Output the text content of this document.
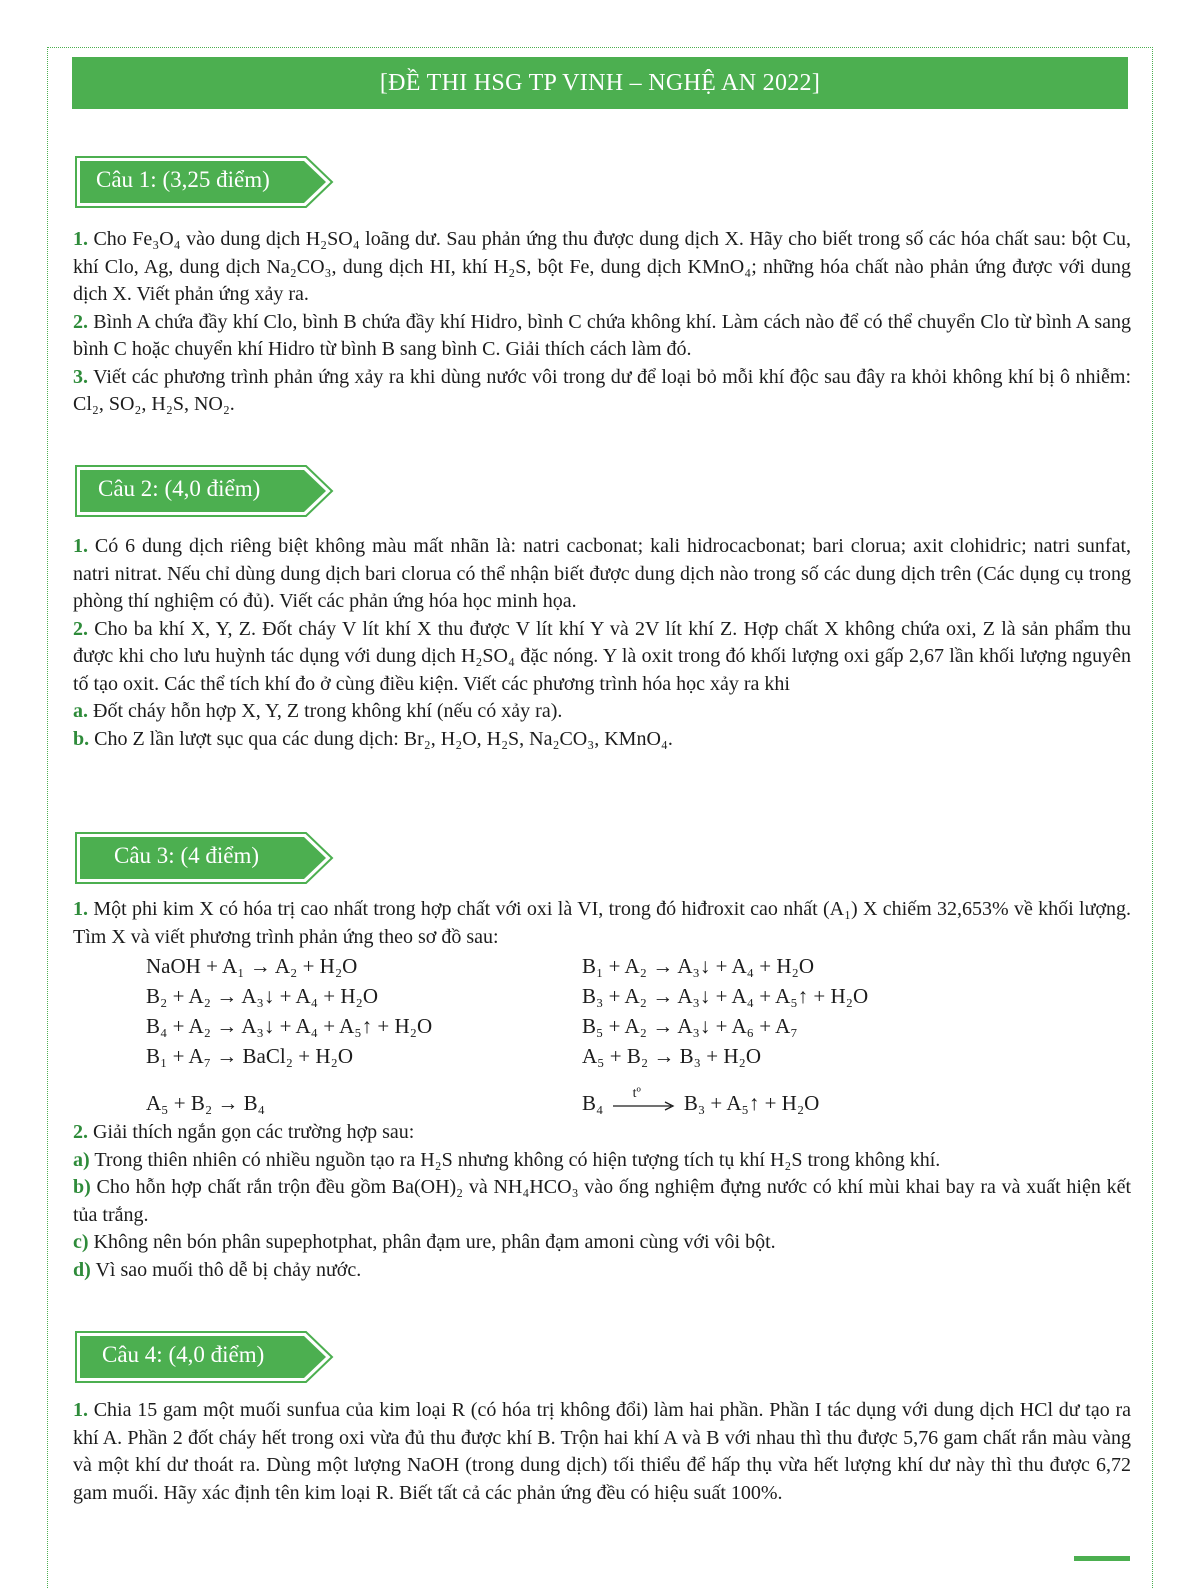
[ĐỀ THI HSG TP VINH – NGHỆ AN 2022]
Câu 1: (3,25 điểm)

1. Cho Fe₃O₄ vào dung dịch H₂SO₄ loãng dư. Sau phản ứng thu được dung dịch X. Hãy cho biết trong số các hóa chất sau: bột Cu, khí Clo, Ag, dung dịch Na₂CO₃, dung dịch HI, khí H₂S, bột Fe, dung dịch KMnO₄; những hóa chất nào phản ứng được với dung dịch X. Viết phản ứng xảy ra.

2. Bình A chứa đầy khí Clo, bình B chứa đầy khí Hidro, bình C chứa không khí. Làm cách nào để có thể chuyển Clo từ bình A sang bình C hoặc chuyển khí Hidro từ bình B sang bình C. Giải thích cách làm đó.

3. Viết các phương trình phản ứng xảy ra khi dùng nước vôi trong dư để loại bỏ mỗi khí độc sau đây ra khỏi không khí bị ô nhiễm: Cl₂, SO₂, H₂S, NO₂.

Câu 2: (4,0 điểm)

1. Có 6 dung dịch riêng biệt không màu mất nhãn là: natri cacbonat; kali hidrocacbonat; bari clorua; axit clohidric; natri sunfat, natri nitrat. Nếu chỉ dùng dung dịch bari clorua có thể nhận biết được dung dịch nào trong số các dung dịch trên (Các dụng cụ trong phòng thí nghiệm có đủ). Viết các phản ứng hóa học minh họa.

2. Cho ba khí X, Y, Z. Đốt cháy V lít khí X thu được V lít khí Y và 2V lít khí Z. Hợp chất X không chứa oxi, Z là sản phẩm thu được khi cho lưu huỳnh tác dụng với dung dịch H₂SO₄ đặc nóng. Y là oxit trong đó khối lượng oxi gấp 2,67 lần khối lượng nguyên tố tạo oxit. Các thể tích khí đo ở cùng điều kiện. Viết các phương trình hóa học xảy ra khi

a. Đốt cháy hỗn hợp X, Y, Z trong không khí (nếu có xảy ra).

b. Cho Z lần lượt sục qua các dung dịch: Br₂, H₂O, H₂S, Na₂CO₃, KMnO₄.

Câu 3: (4 điểm)

1. Một phi kim X có hóa trị cao nhất trong hợp chất với oxi là VI, trong đó hiđroxit cao nhất (A₁) X chiếm 32,653% về khối lượng. Tìm X và viết phương trình phản ứng theo sơ đồ sau:

NaOH + A₁ → A₂ + H₂O	B₁ + A₂ → A₃↓ + A₄ + H₂O
B₂ + A₂ → A₃↓ + A₄ + H₂O	B₃ + A₂ → A₃↓ + A₄ + A₅↑ + H₂O
B₄ + A₂ → A₃↓ + A₄ + A₅↑ + H₂O	B₅ + A₂ → A₃↓ + A₆ + A₇
B₁ + A₇ → BaCl₂ + H₂O	A₅ + B₂ → B₃ + H₂O
A₅ + B₂ → B₄	B₄ tº B₃ + A₅↑ + H₂O

2. Giải thích ngắn gọn các trường hợp sau:

a) Trong thiên nhiên có nhiều nguồn tạo ra H₂S nhưng không có hiện tượng tích tụ khí H₂S trong không khí.

b) Cho hỗn hợp chất rắn trộn đều gồm Ba(OH)₂ và NH₄HCO₃ vào ống nghiệm đựng nước có khí mùi khai bay ra và xuất hiện kết tủa trắng.

c) Không nên bón phân supephotphat, phân đạm ure, phân đạm amoni cùng với vôi bột.

d) Vì sao muối thô dễ bị chảy nước.

Câu 4: (4,0 điểm)

1. Chia 15 gam một muối sunfua của kim loại R (có hóa trị không đổi) làm hai phần. Phần I tác dụng với dung dịch HCl dư tạo ra khí A. Phần 2 đốt cháy hết trong oxi vừa đủ thu được khí B. Trộn hai khí A và B với nhau thì thu được 5,76 gam chất rắn màu vàng và một khí dư thoát ra. Dùng một lượng NaOH (trong dung dịch) tối thiểu để hấp thụ vừa hết lượng khí dư này thì thu được 6,72 gam muối. Hãy xác định tên kim loại R. Biết tất cả các phản ứng đều có hiệu suất 100%.
